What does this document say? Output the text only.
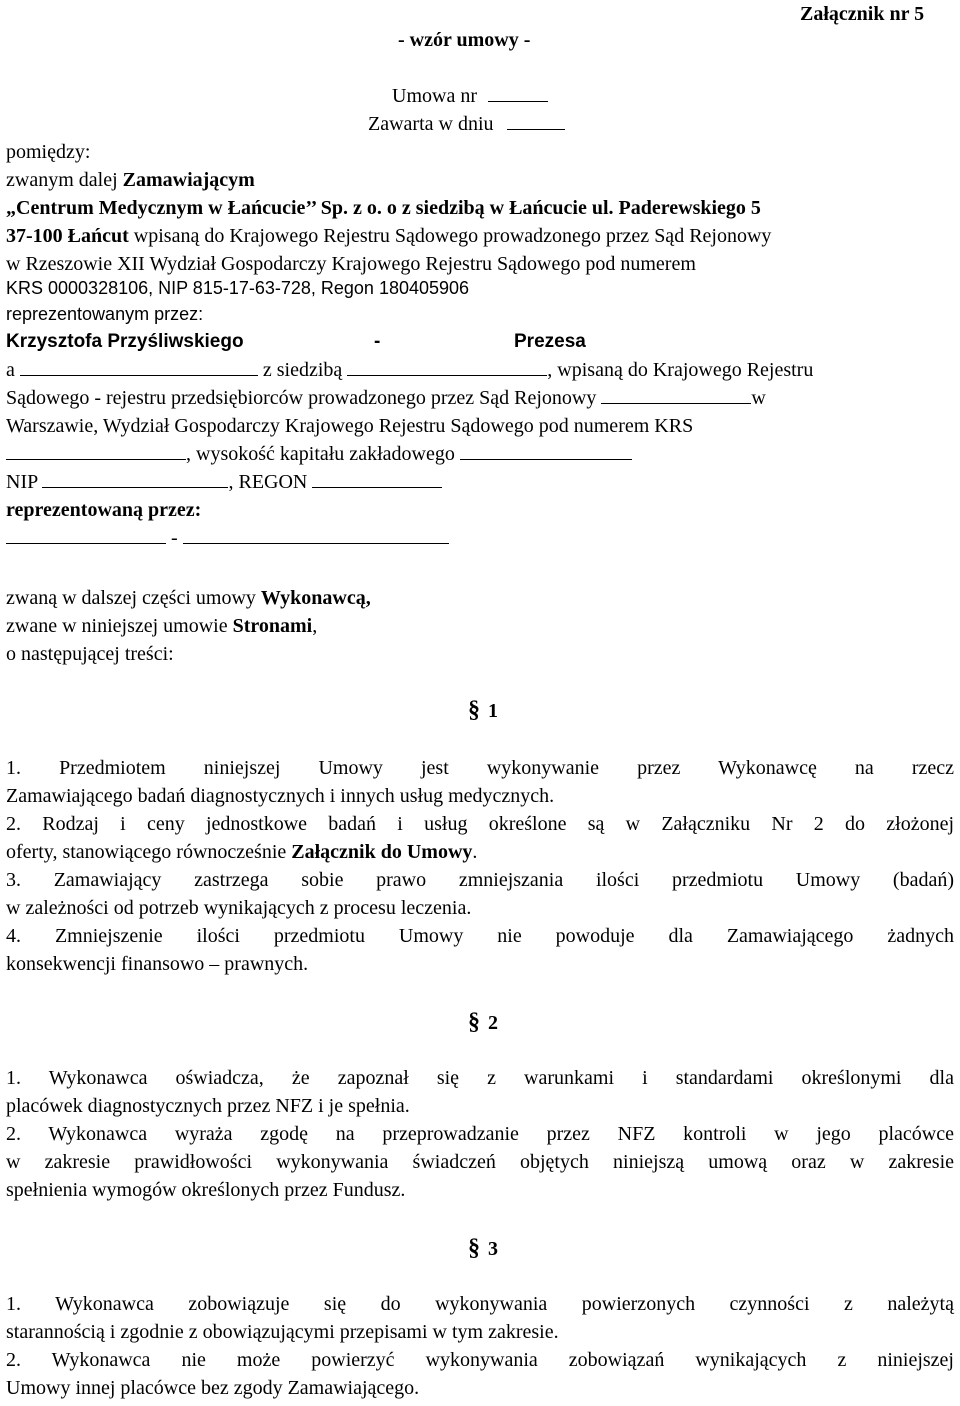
Załącznik nr 5
- wzór umowy -
Umowa nr
Zawarta w dniu
pomiędzy:
zwanym dalej Zamawiającym
„Centrum Medycznym w Łańcucie’’ Sp. z o. o z siedzibą w Łańcucie ul. Paderewskiego 5
37-100 Łańcut wpisaną do Krajowego Rejestru Sądowego prowadzonego przez Sąd Rejonowy
w Rzeszowie XII Wydział Gospodarczy Krajowego Rejestru Sądowego pod numerem
KRS 0000328106, NIP 815-17-63-728, Regon 180405906
reprezentowanym przez:
Krzysztofa Przyśliwskiego	-	Prezesa
a	z siedzibą	, wpisaną do Krajowego Rejestru
Sądowego - rejestru przedsiębiorców prowadzonego przez Sąd Rejonowy	w
Warszawie, Wydział Gospodarczy Krajowego Rejestru Sądowego pod numerem KRS
, wysokość kapitału zakładowego
NIP	, REGON
reprezentowaną przez:
-
zwaną w dalszej części umowy Wykonawcą,
zwane w niniejszej umowie Stronami,
o następującej treści:
§ 1
1. Przedmiotem niniejszej Umowy jest wykonywanie przez Wykonawcę na rzecz
Zamawiającego badań diagnostycznych i innych usług medycznych.
2. Rodzaj i ceny jednostkowe badań i usług określone są w Załączniku Nr 2 do złożonej
oferty, stanowiącego równocześnie Załącznik do Umowy.
3. Zamawiający zastrzega sobie prawo zmniejszania ilości przedmiotu Umowy (badań)
w zależności od potrzeb wynikających z procesu leczenia.
4. Zmniejszenie ilości przedmiotu Umowy nie powoduje dla Zamawiającego żadnych
konsekwencji finansowo – prawnych.
§ 2
1. Wykonawca oświadcza, że zapoznał się z warunkami i standardami określonymi dla
placówek diagnostycznych przez NFZ i je spełnia.
2. Wykonawca wyraża zgodę na przeprowadzanie przez NFZ kontroli w jego placówce
w zakresie prawidłowości wykonywania świadczeń objętych niniejszą umową oraz w zakresie
spełnienia wymogów określonych przez Fundusz.
§ 3
1. Wykonawca zobowiązuje się do wykonywania powierzonych czynności z należytą
starannością i zgodnie z obowiązującymi przepisami w tym zakresie.
2. Wykonawca nie może powierzyć wykonywania zobowiązań wynikających z niniejszej
Umowy innej placówce bez zgody Zamawiającego.
